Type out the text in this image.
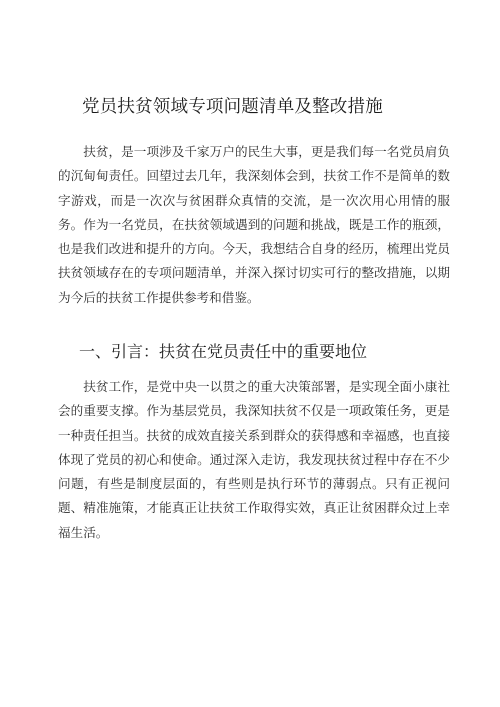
党员扶贫领域专项问题清单及整改措施

扶贫，是一项涉及千家万户的民生大事，更是我们每一名党员肩负的沉甸甸责任。回望过去几年，我深刻体会到，扶贫工作不是简单的数字游戏，而是一次次与贫困群众真情的交流，是一次次用心用情的服务。作为一名党员，在扶贫领域遇到的问题和挑战，既是工作的瓶颈，也是我们改进和提升的方向。今天，我想结合自身的经历，梳理出党员扶贫领域存在的专项问题清单，并深入探讨切实可行的整改措施，以期为今后的扶贫工作提供参考和借鉴。

一、引言：扶贫在党员责任中的重要地位

扶贫工作，是党中央一以贯之的重大决策部署，是实现全面小康社会的重要支撑。作为基层党员，我深知扶贫不仅是一项政策任务，更是一种责任担当。扶贫的成效直接关系到群众的获得感和幸福感，也直接体现了党员的初心和使命。通过深入走访，我发现扶贫过程中存在不少问题，有些是制度层面的，有些则是执行环节的薄弱点。只有正视问题、精准施策，才能真正让扶贫工作取得实效，真正让贫困群众过上幸福生活。
